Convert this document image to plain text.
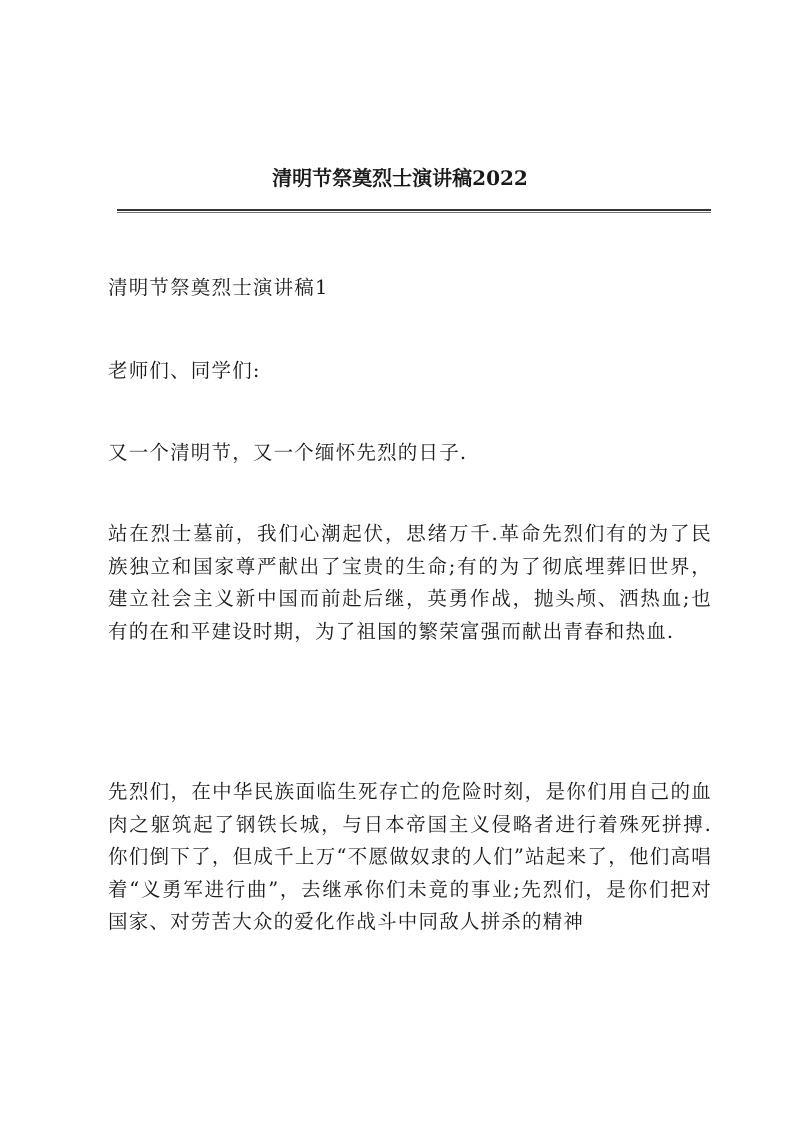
清明节祭奠烈士演讲稿2022

清明节祭奠烈士演讲稿1

老师们、同学们:

又一个清明节，又一个缅怀先烈的日子.

站在烈士墓前，我们心潮起伏，思绪万千.革命先烈们有的为了民族独立和国家尊严献出了宝贵的生命;有的为了彻底埋葬旧世界，建立社会主义新中国而前赴后继，英勇作战，抛头颅、洒热血;也有的在和平建设时期，为了祖国的繁荣富强而献出青春和热血.

先烈们，在中华民族面临生死存亡的危险时刻，是你们用自己的血肉之躯筑起了钢铁长城，与日本帝国主义侵略者进行着殊死拼搏.你们倒下了，但成千上万“不愿做奴隶的人们”站起来了，他们高唱着“义勇军进行曲”，去继承你们未竟的事业;先烈们，是你们把对国家、对劳苦大众的爱化作战斗中同敌人拼杀的精神
